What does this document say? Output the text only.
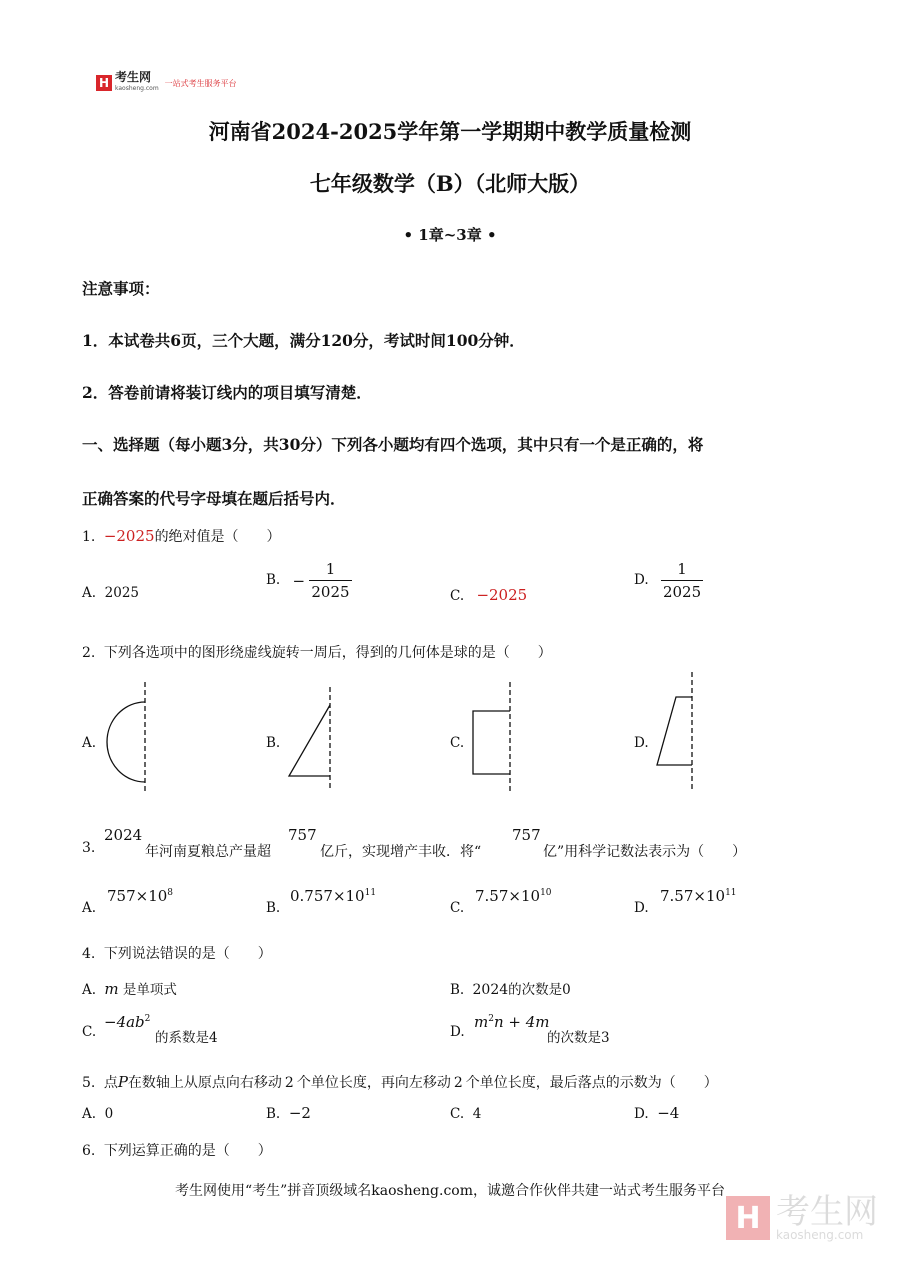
H 考生网
kaosheng.com
一站式考生服务平台
河南省2024-2025学年第一学期期中教学质量检测
七年级数学（B）（北师大版）
• 1章~3章 •
注意事项：
1．本试卷共6页，三个大题，满分120分，考试时间100分钟．
2．答卷前请将装订线内的项目填写清楚．
一、选择题（每小题3分，共30分）下列各小题均有四个选项，其中只有一个是正确的，将
正确答案的代号字母填在题后括号内．
1. −2025的绝对值是（　　）
A. 2025
B. − $\frac{1}{2025}$	C. −2025
D. $\frac{1}{2025}$
2. 下列各选项中的图形绕虚线旋转一周后，得到的几何体是球的是（　　）
A.	B.	C.	D.
3.
2024
年河南夏粮总产量超
757
亿斤，实现增产丰收．将“
757
亿”用科学记数法表示为（　　）
A.
$757\times 10^8$
B.
$0.757\times 10^{11}$
C.
$7.57\times 10^{10}$
D.
$7.57\times 10^{11}$
4. 下列说法错误的是（　　）
A. m 是单项式	B. 2024的次数是0
C.
$-4ab^2$
的系数是4	D.
$m^2n + 4m$
的次数是3
5. 点P在数轴上从原点向右移动 2 个单位长度，再向左移动 2 个单位长度，最后落点的示数为（　　）
A. 0	B. −2	C. 4	D. −4
6. 下列运算正确的是（　　）
考生网使用“考生”拼音顶级域名kaosheng.com，诚邀合作伙伴共建一站式考生服务平台
H 考生网
kaosheng.com
